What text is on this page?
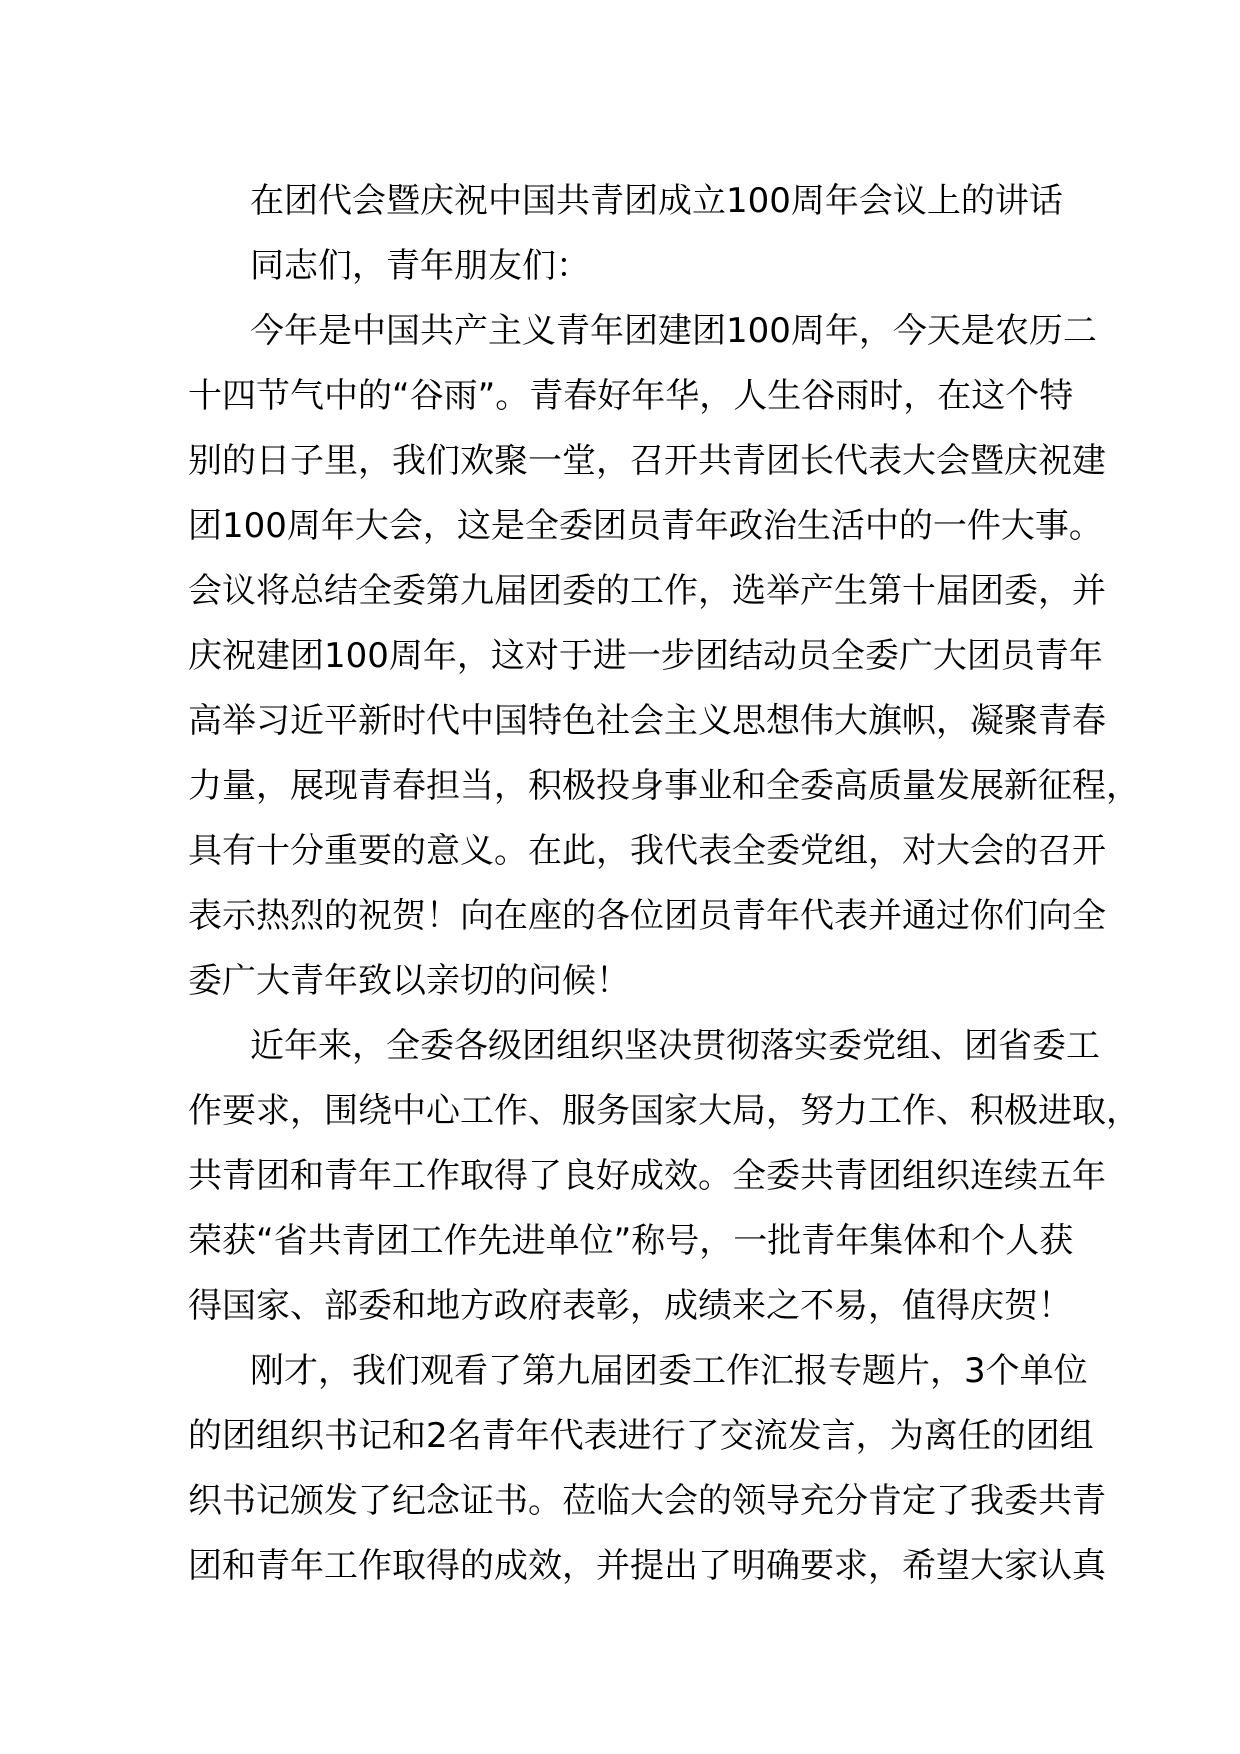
在团代会暨庆祝中国共青团成立100周年会议上的讲话
同志们，青年朋友们：
今年是中国共产主义青年团建团100周年，今天是农历二
十四节气中的“谷雨”。青春好年华，人生谷雨时，在这个特
别的日子里，我们欢聚一堂，召开共青团长代表大会暨庆祝建
团100周年大会，这是全委团员青年政治生活中的一件大事。
会议将总结全委第九届团委的工作，选举产生第十届团委，并
庆祝建团100周年，这对于进一步团结动员全委广大团员青年
高举习近平新时代中国特色社会主义思想伟大旗帜，凝聚青春
力量，展现青春担当，积极投身事业和全委高质量发展新征程，
具有十分重要的意义。在此，我代表全委党组，对大会的召开
表示热烈的祝贺！向在座的各位团员青年代表并通过你们向全
委广大青年致以亲切的问候！
近年来，全委各级团组织坚决贯彻落实委党组、团省委工
作要求，围绕中心工作、服务国家大局，努力工作、积极进取，
共青团和青年工作取得了良好成效。全委共青团组织连续五年
荣获“省共青团工作先进单位”称号，一批青年集体和个人获
得国家、部委和地方政府表彰，成绩来之不易，值得庆贺！
刚才，我们观看了第九届团委工作汇报专题片，3个单位
的团组织书记和2名青年代表进行了交流发言，为离任的团组
织书记颁发了纪念证书。莅临大会的领导充分肯定了我委共青
团和青年工作取得的成效，并提出了明确要求，希望大家认真
